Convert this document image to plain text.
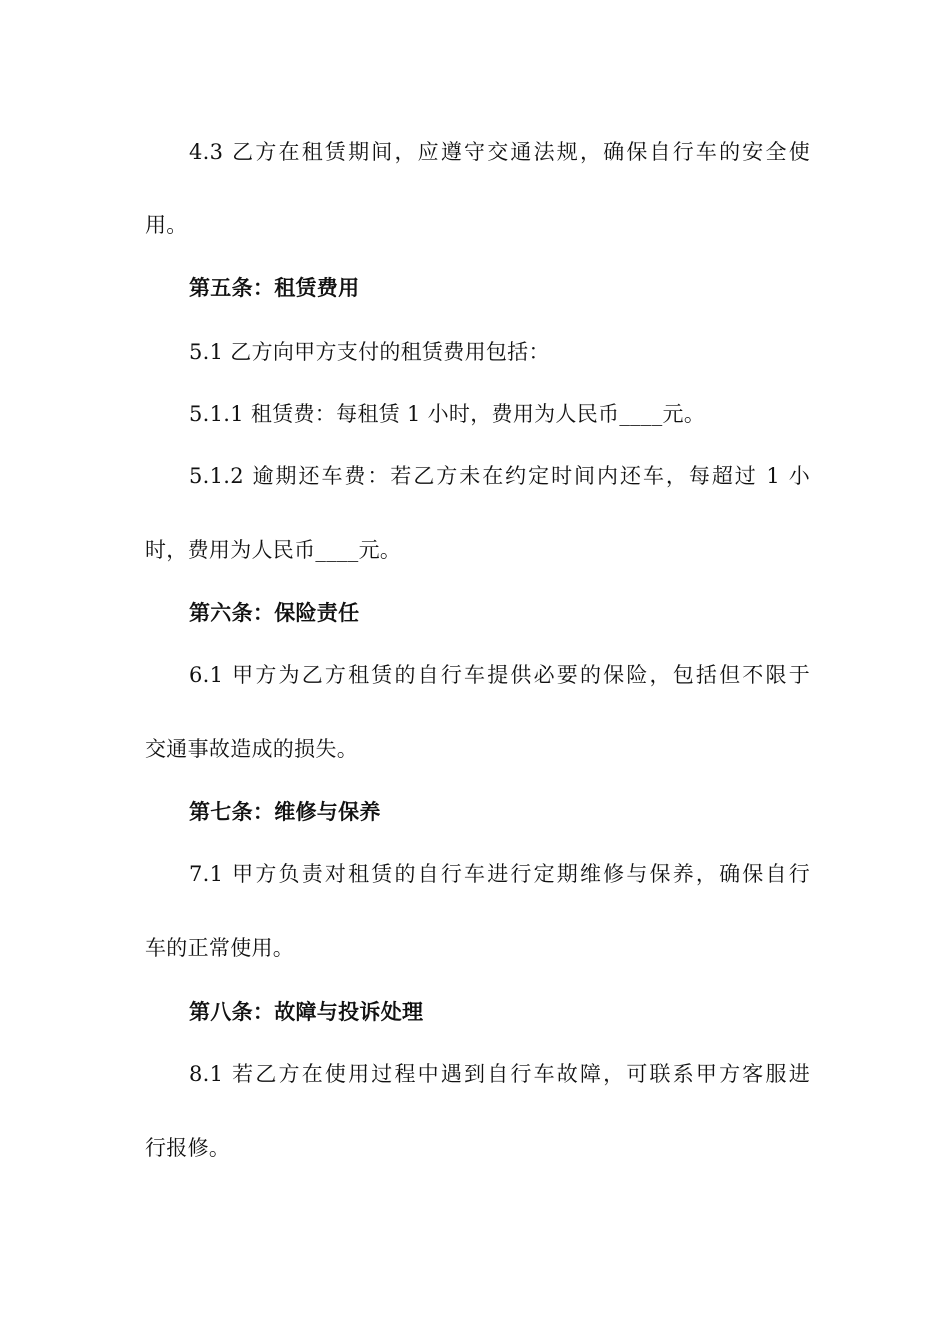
4.3 乙方在租赁期间，应遵守交通法规，确保自行车的安全使
用。
第五条：租赁费用
5.1 乙方向甲方支付的租赁费用包括：
5.1.1 租赁费：每租赁 1 小时，费用为人民币____元。
5.1.2 逾期还车费：若乙方未在约定时间内还车，每超过 1 小
时，费用为人民币____元。
第六条：保险责任
6.1 甲方为乙方租赁的自行车提供必要的保险，包括但不限于
交通事故造成的损失。
第七条：维修与保养
7.1 甲方负责对租赁的自行车进行定期维修与保养，确保自行
车的正常使用。
第八条：故障与投诉处理
8.1 若乙方在使用过程中遇到自行车故障，可联系甲方客服进
行报修。
